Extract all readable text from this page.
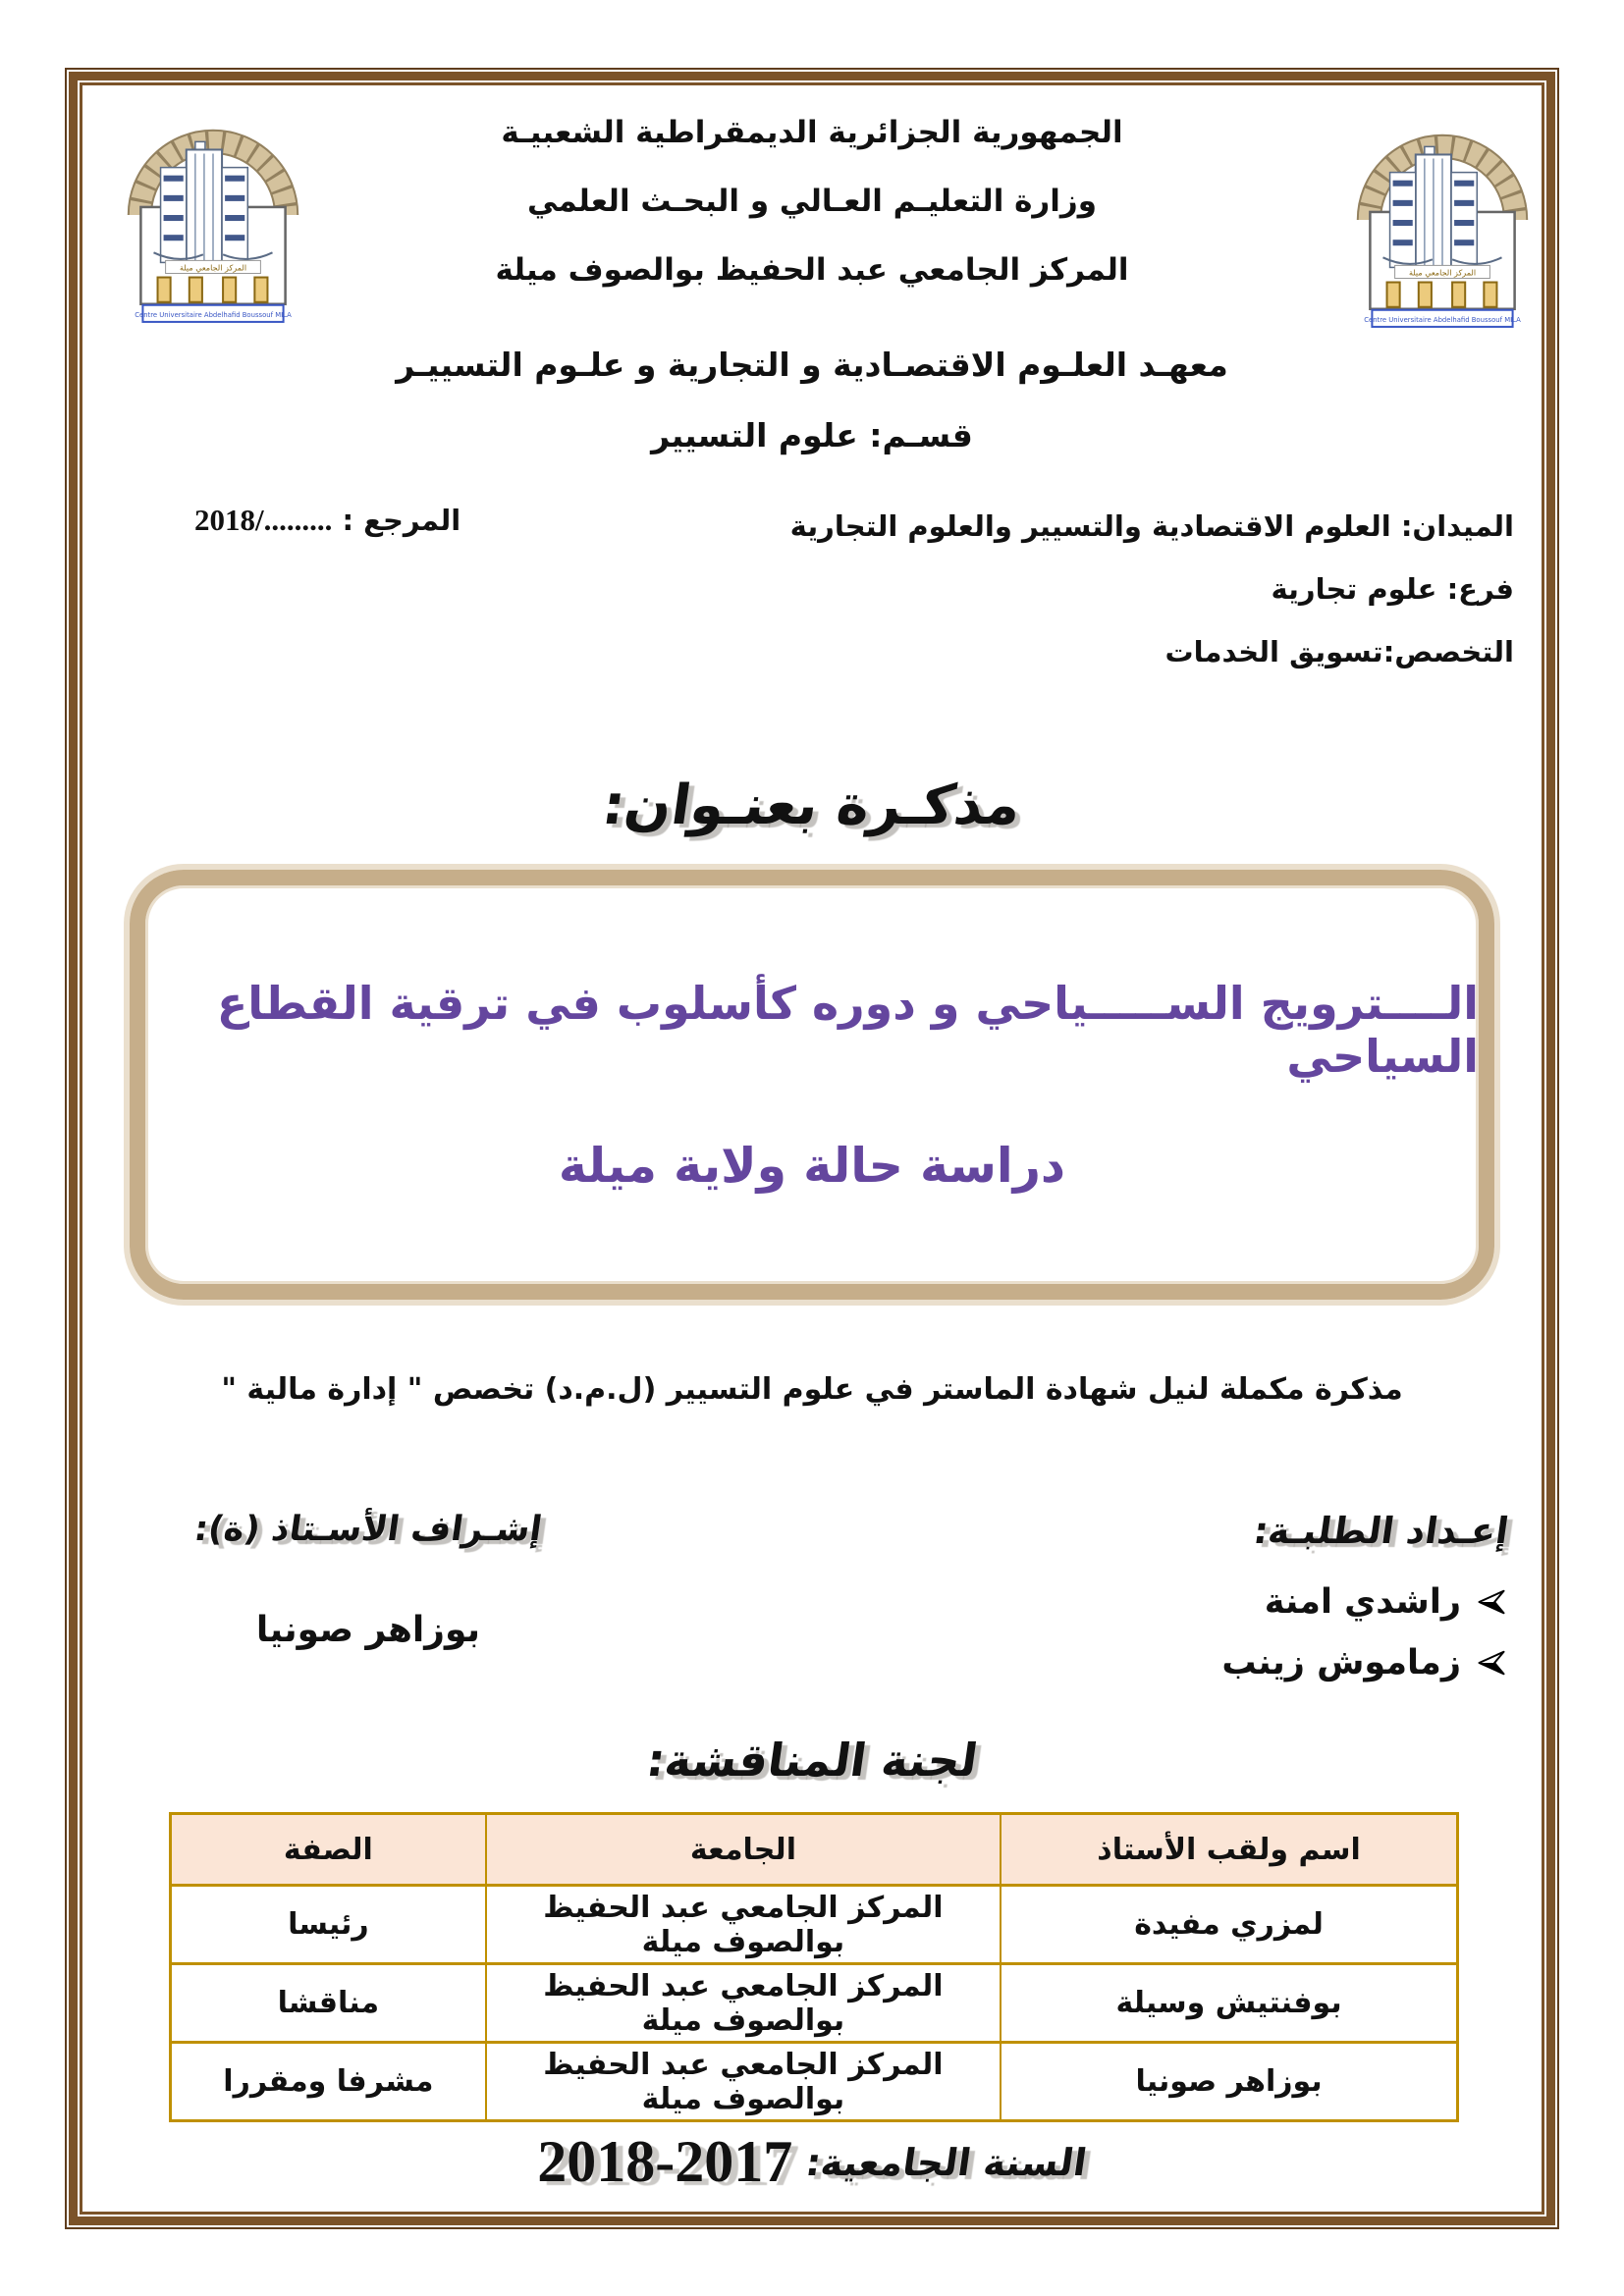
الجمهورية الجزائرية الديمقراطية الشعبيـة
وزارة التعليـم العـالي و البحـث العلمي
المركز الجامعي عبد الحفيظ بوالصوف ميلة
معهـد العلـوم الاقتصـادية و التجارية و علـوم التسييـر
قسـم: علوم التسيير
الميدان: العلوم الاقتصادية والتسيير والعلوم التجارية
فرع: علوم تجارية
التخصص:تسويق الخدمات
المرجع : 2018/.........
مذكـرة بعنـوان:
الــــترويج الســـــياحي و دوره كأسلوب في ترقية القطاع السياحي
دراسة حالة ولاية ميلة
مذكرة مكملة لنيل شهادة الماستر في علوم التسيير (ل.م.د) تخصص " إدارة مالية "
إعـداد الطلبـة:
راشدي امنة
زماموش زينب
إشـراف الأسـتاذ (ة):
بوزاهر صونيا
لجنة المناقشة:
اسم ولقب الأستاذ	الجامعة	الصفة
لمزري مفيدة	المركز الجامعي عبد الحفيظ بوالصوف ميلة	رئيسا
بوفنتيش وسيلة	المركز الجامعي عبد الحفيظ بوالصوف ميلة	مناقشا
بوزاهر صونيا	المركز الجامعي عبد الحفيظ بوالصوف ميلة	مشرفا ومقررا
السنة الجامعية:
2018-2017
